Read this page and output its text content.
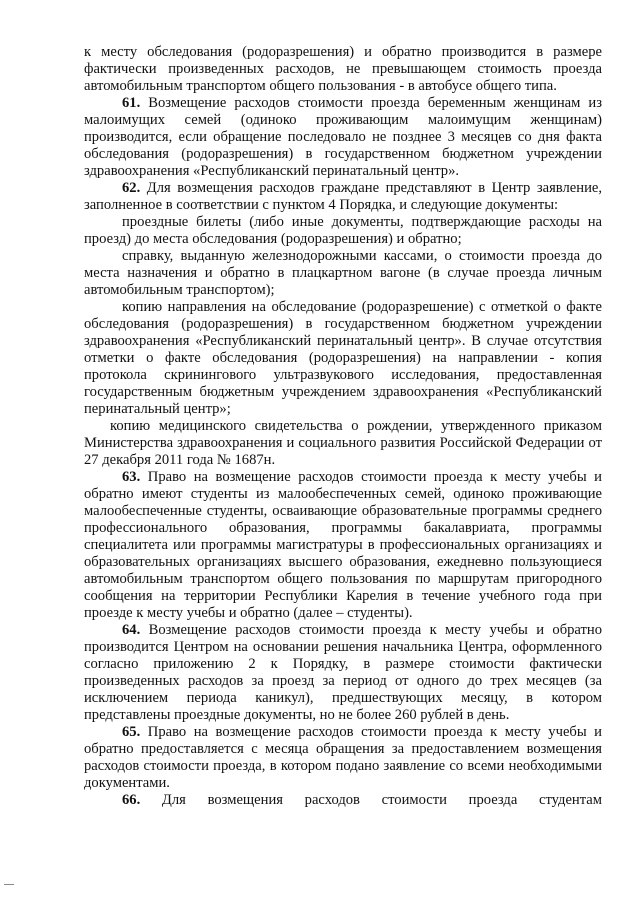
к месту обследования (родоразрешения) и обратно производится в размере фактически произведенных расходов, не превышающем стоимость проезда автомобильным транспортом общего пользования - в автобусе общего типа.

61. Возмещение расходов стоимости проезда беременным женщинам из малоимущих семей (одиноко проживающим малоимущим женщинам) производится, если обращение последовало не позднее 3 месяцев со дня факта обследования (родоразрешения) в государственном бюджетном учреждении здравоохранения «Республиканский перинатальный центр».

62. Для возмещения расходов граждане представляют в Центр заявление, заполненное в соответствии с пунктом 4 Порядка, и следующие документы:

проездные билеты (либо иные документы, подтверждающие расходы на проезд) до места обследования (родоразрешения) и обратно;

справку, выданную железнодорожными кассами, о стоимости проезда до места назначения и обратно в плацкартном вагоне (в случае проезда личным автомобильным транспортом);

копию направления на обследование (родоразрешение) с отметкой о факте обследования (родоразрешения) в государственном бюджетном учреждении здравоохранения «Республиканский перинатальный центр». В случае отсутствия отметки о факте обследования (родоразрешения) на направлении - копия протокола скринингового ультразвукового исследования, предоставленная государственным бюджетным учреждением здравоохранения «Республиканский перинатальный центр»;

копию медицинского свидетельства о рождении, утвержденного приказом Министерства здравоохранения и социального развития Российской Федерации от 27 декабря 2011 года № 1687н.

63. Право на возмещение расходов стоимости проезда к месту учебы и обратно имеют студенты из малообеспеченных семей, одиноко проживающие малообеспеченные студенты, осваивающие образовательные программы среднего профессионального образования, программы бакалавриата, программы специалитета или программы магистратуры в профессиональных организациях и образовательных организациях высшего образования, ежедневно пользующиеся автомобильным транспортом общего пользования по маршрутам пригородного сообщения на территории Республики Карелия в течение учебного года при проезде к месту учебы и обратно (далее – студенты).

64. Возмещение расходов стоимости проезда к месту учебы и обратно производится Центром на основании решения начальника Центра, оформленного согласно приложению 2 к Порядку, в размере стоимости фактически произведенных расходов за проезд за период от одного до трех месяцев (за исключением периода каникул), предшествующих месяцу, в котором представлены проездные документы, но не более 260 рублей в день.

65. Право на возмещение расходов стоимости проезда к месту учебы и обратно предоставляется с месяца обращения за предоставлением возмещения расходов стоимости проезда, в котором подано заявление со всеми необходимыми документами.

66. Для возмещения расходов стоимости проезда студентам
